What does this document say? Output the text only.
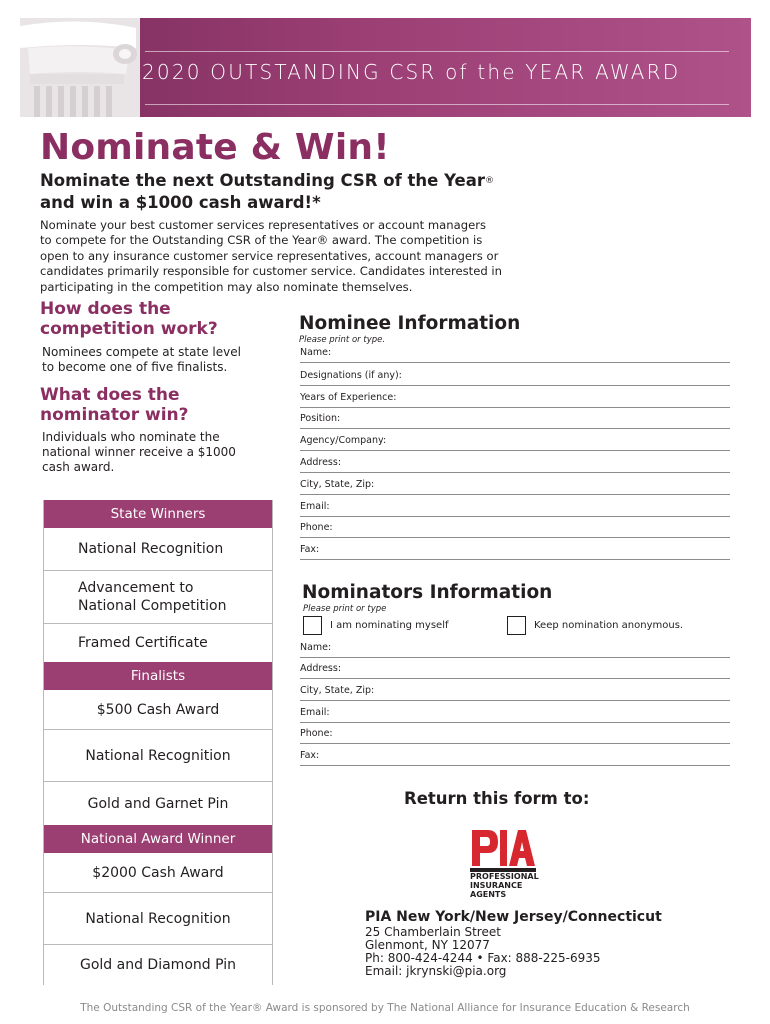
2020 OUTSTANDING CSR of the YEAR AWARD
Nominate & Win!
Nominate the next Outstanding CSR of the Year®
and win a $1000 cash award!*
Nominate your best customer services representatives or account managers
to compete for the Outstanding CSR of the Year® award. The competition is
open to any insurance customer service representatives, account managers or
candidates primarily responsible for customer service. Candidates interested in
participating in the competition may also nominate themselves.
How does the
competition work?
Nominees compete at state level
to become one of five finalists.
What does the
nominator win?
Individuals who nominate the
national winner receive a $1000
cash award.
State Winners
National Recognition
Advancement to
National Competition
Framed Certificate
Finalists
$500 Cash Award
National Recognition
Gold and Garnet Pin
National Award Winner
$2000 Cash Award
National Recognition
Gold and Diamond Pin
Nominee Information
Please print or type.
Name:
Designations (if any):
Years of Experience:
Position:
Agency/Company:
Address:
City, State, Zip:
Email:
Phone:
Fax:
Nominators Information
Please print or type
I am nominating myself	Keep nomination anonymous.
Name:
Address:
City, State, Zip:
Email:
Phone:
Fax:
Return this form to:
PROFESSIONAL
INSURANCE
AGENTS
PIA New York/New Jersey/Connecticut
25 Chamberlain Street
Glenmont, NY 12077
Ph: 800-424-4244 • Fax: 888-225-6935
Email: jkrynski@pia.org
The Outstanding CSR of the Year® Award is sponsored by The National Alliance for Insurance Education & Research
